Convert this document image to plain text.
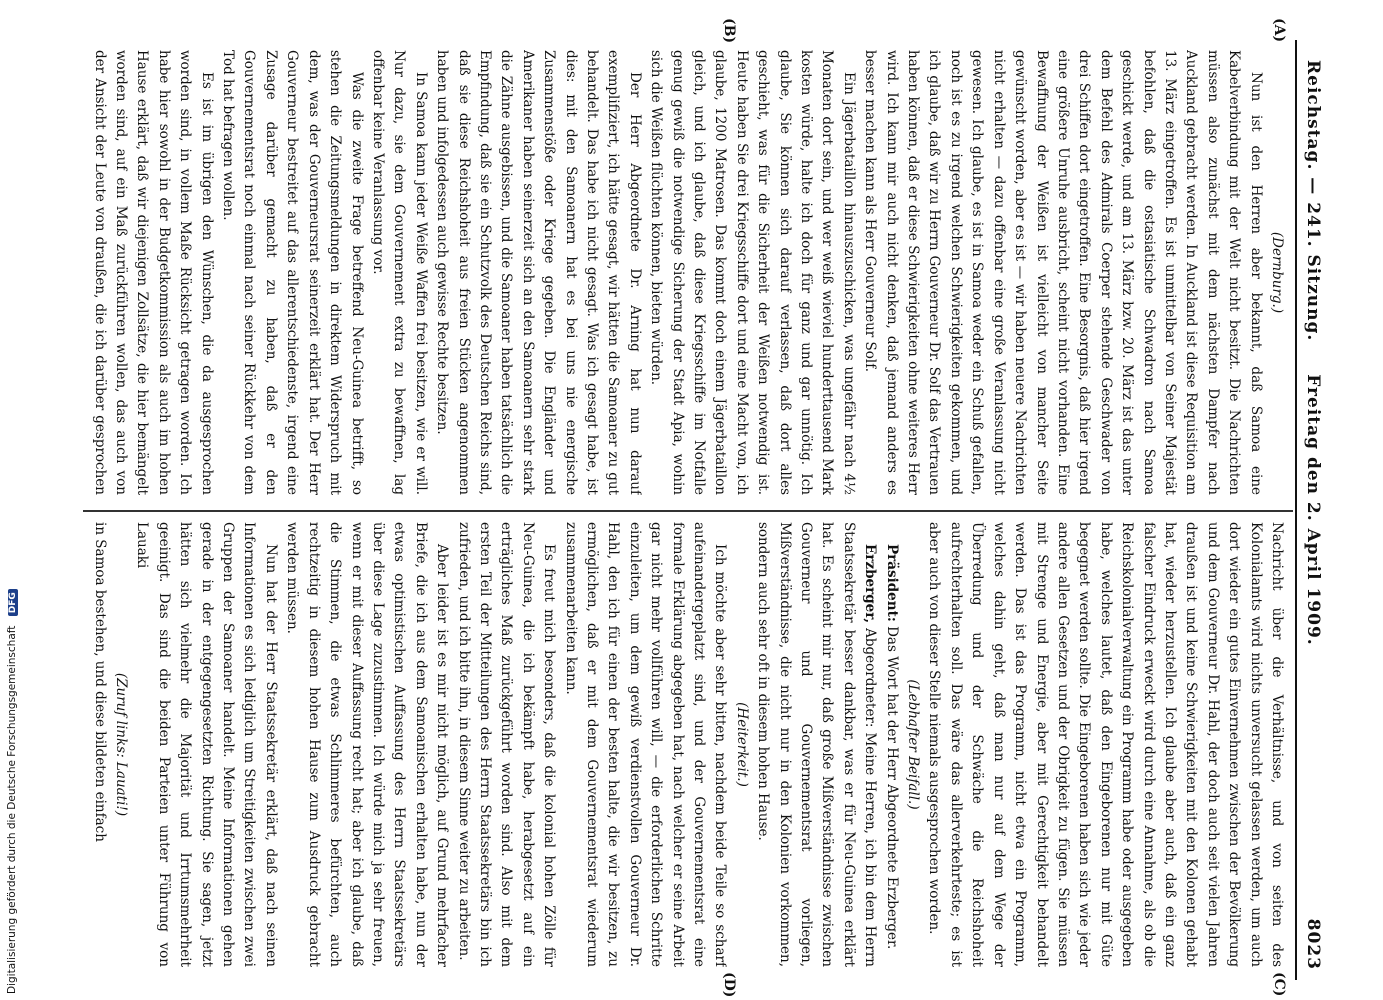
Reichstag. — 241. Sitzung.
Freitag den 2. April 1909.
8023
(A)
(B)
(C)
(D)

(Dernburg.)

Nun ist den Herren aber bekannt, daß Samoa eine Kabelverbindung mit der Welt nicht besitzt. Die Nachrichten müssen also zunächst mit dem nächsten Dampfer nach Auckland gebracht werden. In Auckland ist diese Requisition am 13. März eingetroffen. Es ist unmittelbar von Seiner Majestät befohlen, daß die ostasiatische Schwadron nach Samoa geschickt werde, und am 13. März bzw. 20. März ist das unter dem Befehl des Admirals Coerper stehende Geschwader von drei Schiffen dort eingetroffen. Eine Besorgnis, daß hier irgend eine größere Unruhe ausbricht, scheint nicht vorhanden. Eine Bewaffnung der Weißen ist vielleicht von mancher Seite gewünscht worden, aber es ist — wir haben neuere Nachrichten nicht erhalten — dazu offenbar eine große Veranlassung nicht gewesen. Ich glaube, es ist in Samoa weder ein Schuß gefallen, noch ist es zu irgend welchen Schwierigkeiten gekommen, und ich glaube, daß wir zu Herrn Gouverneur Dr. Solf das Vertrauen haben können, daß er diese Schwierigkeiten ohne weiteres Herr wird. Ich kann mir auch nicht denken, daß jemand anders es besser machen kann als Herr Gouverneur Solf.

Ein Jägerbataillon hinauszuschicken, was ungefähr nach 4½ Monaten dort sein, und wer weiß wieviel hunderttausend Mark kosten würde, halte ich doch für ganz und gar unnötig. Ich glaube, Sie können sich darauf verlassen, daß dort alles geschieht, was für die Sicherheit der Weißen notwendig ist. Heute haben Sie drei Kriegsschiffe dort und eine Macht von, ich glaube, 1200 Matrosen. Das kommt doch einem Jägerbataillon gleich, und ich glaube, daß diese Kriegsschiffe im Notfalle genug gewiß die notwendige Sicherung der Stadt Apia, wohin sich die Weißen flüchten können, bieten würden.

Der Herr Abgeordnete Dr. Arning hat nun darauf exemplifiziert, ich hätte gesagt, wir hätten die Samoaner zu gut behandelt. Das habe ich nicht gesagt. Was ich gesagt habe, ist dies: mit den Samoanern hat es bei uns nie energische Zusammenstöße oder Kriege gegeben. Die Engländer und Amerikaner haben seinerzeit sich an den Samoanern sehr stark die Zähne ausgebissen, und die Samoaner haben tatsächlich die Empfindung, daß sie ein Schutzvolk des Deutschen Reichs sind, daß sie diese Reichshoheit aus freien Stücken angenommen haben und infolgedessen auch gewisse Rechte besitzen.

In Samoa kann jeder Weiße Waffen frei besitzen, wie er will. Nur dazu, sie dem Gouvernement extra zu bewaffnen, lag offenbar keine Veranlassung vor.

Was die zweite Frage betreffend Neu-Guinea betrifft, so stehen die Zeitungsmeldungen in direktem Widerspruch mit dem, was der Gouverneursrat seinerzeit erklärt hat. Der Herr Gouverneur bestreitet auf das allerentschiedenste, irgend eine Zusage darüber gemacht zu haben, daß er den Gouvernementsrat noch einmal nach seiner Rückkehr von dem Tod hat befragen wollen.

Es ist im übrigen den Wünschen, die da ausgesprochen worden sind, in vollem Maße Rücksicht getragen worden. Ich habe hier sowohl in der Budgetkommission als auch im hohen Hause erklärt, daß wir diejenigen Zollsätze, die hier bemängelt worden sind, auf ein Maß zurückführen wollen, das auch von der Ansicht der Leute von draußen, die ich darüber gesprochen

Nachricht über die Verhältnisse, und von seiten des Kolonialamts wird nichts unversucht gelassen werden, um auch dort wieder ein gutes Einvernehmen zwischen der Bevölkerung und dem Gouverneur Dr. Hahl, der doch auch seit vielen Jahren draußen ist und keine Schwierigkeiten mit den Kolonen gehabt hat, wieder herzustellen. Ich glaube aber auch, daß ein ganz falscher Eindruck erweckt wird durch eine Annahme, als ob die Reichskolonialverwaltung ein Programm habe oder ausgegeben habe, welches lautet, daß den Eingeborenen nur mit Güte begegnet werden sollte. Die Eingeborenen haben sich wie jeder andere allen Gesetzen und der Obrigkeit zu fügen. Sie müssen mit Strenge und Energie, aber mit Gerechtigkeit behandelt werden. Das ist das Programm, nicht etwa ein Programm, welches dahin geht, daß man nur auf dem Wege der Überredung und der Schwäche die Reichshoheit aufrechterhalten soll. Das wäre das allerverkehrteste; es ist aber auch von dieser Stelle niemals ausgesprochen worden.

(Lebhafter Beifall.)

Präsident: Das Wort hat der Herr Abgeordnete Erzberger.

Erzberger, Abgeordneter: Meine Herren, ich bin dem Herrn Staatssekretär besser dankbar, was er für Neu-Guinea erklärt hat. Es scheint mir nur, daß große Mißverständnisse zwischen Gouverneur und Gouvernementsrat vorliegen, Mißverständnisse, die nicht nur in den Kolonien vorkommen, sondern auch sehr oft in diesem hohen Hause.

(Heiterkeit.)

Ich möchte aber sehr bitten, nachdem beide Teile so scharf aufeinandergeplatzt sind, und der Gouvernementsrat eine formale Erklärung abgegeben hat, nach welcher er seine Arbeit gar nicht mehr vollführen will, — die erforderlichen Schritte einzuleiten, um dem gewiß verdienstvollen Gouverneur Dr. Hahl, den ich für einen der besten halte, die wir besitzen, zu ermöglichen, daß er mit dem Gouvernementsrat wiederum zusammenarbeiten kann.

Es freut mich besonders, daß die kolonial hohen Zölle für Neu-Guinea, die ich bekämpft habe, herabgesetzt auf ein erträgliches Maß zurückgeführt worden sind. Also mit dem ersten Teil der Mitteilungen des Herrn Staatssekretärs bin ich zufrieden, und ich bitte ihn, in diesem Sinne weiter zu arbeiten.

Aber leider ist es mir nicht möglich, auf Grund mehrfacher Briefe, die ich aus dem Samoanischen erhalten habe, nun der etwas optimistischen Auffassung des Herrn Staatssekretärs über diese Lage zuzustimmen. Ich würde mich ja sehr freuen, wenn er mit dieser Auffassung recht hat; aber ich glaube, daß die Stimmen, die etwas Schlimmeres befürchten, auch rechtzeitig in diesem hohen Hause zum Ausdruck gebracht werden müssen.

Nun hat der Herr Staatssekretär erklärt, daß nach seinen Informationen es sich lediglich um Streitigkeiten zwischen zwei Gruppen der Samoaner handelt. Meine Informationen gehen gerade in der entgegengesetzten Richtung. Sie sagen, jetzt hätten sich vielmehr die Majorität und Irrtumsmehrheit geeinigt. Das sind die beiden Parteien unter Führung von Lauaki

(Zuruf links: Lauati!)

in Samoa bestehen, und diese bildeten einfach

Digitalisierung gefördert durch die Deutsche Forschungsgemeinschaft DFG
